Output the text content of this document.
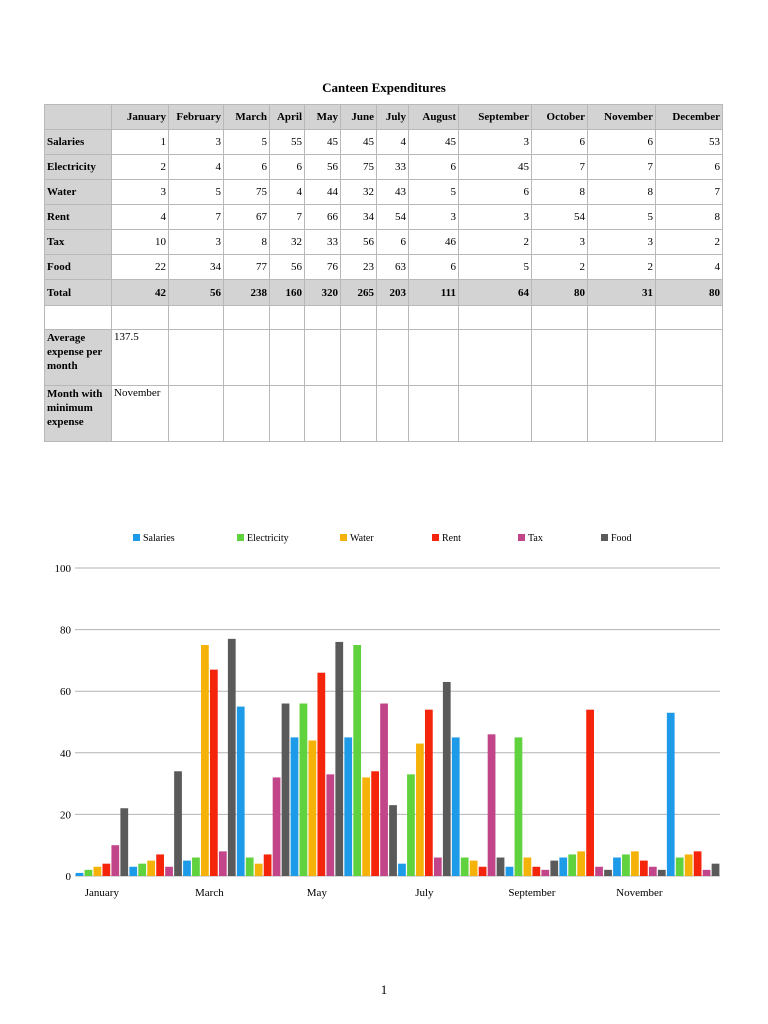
Canteen Expenditures
	January	February	March	April	May	June	July	August	September	October	November	December
Salaries	1	3	5	55	45	45	4	45	3	6	6	53
Electricity	2	4	6	6	56	75	33	6	45	7	7	6
Water	3	5	75	4	44	32	43	5	6	8	8	7
Rent	4	7	67	7	66	34	54	3	3	54	5	8
Tax	10	3	8	32	33	56	6	46	2	3	3	2
Food	22	34	77	56	76	23	63	6	5	2	2	4
Total	42	56	238	160	320	265	203	111	64	80	31	80

Average expense per month	137.5											
Month with minimum expense	November											
0
20
40
60
80
100
January	March	May	July	September	November
Salaries	Electricity	Water	Rent	Tax	Food
1
